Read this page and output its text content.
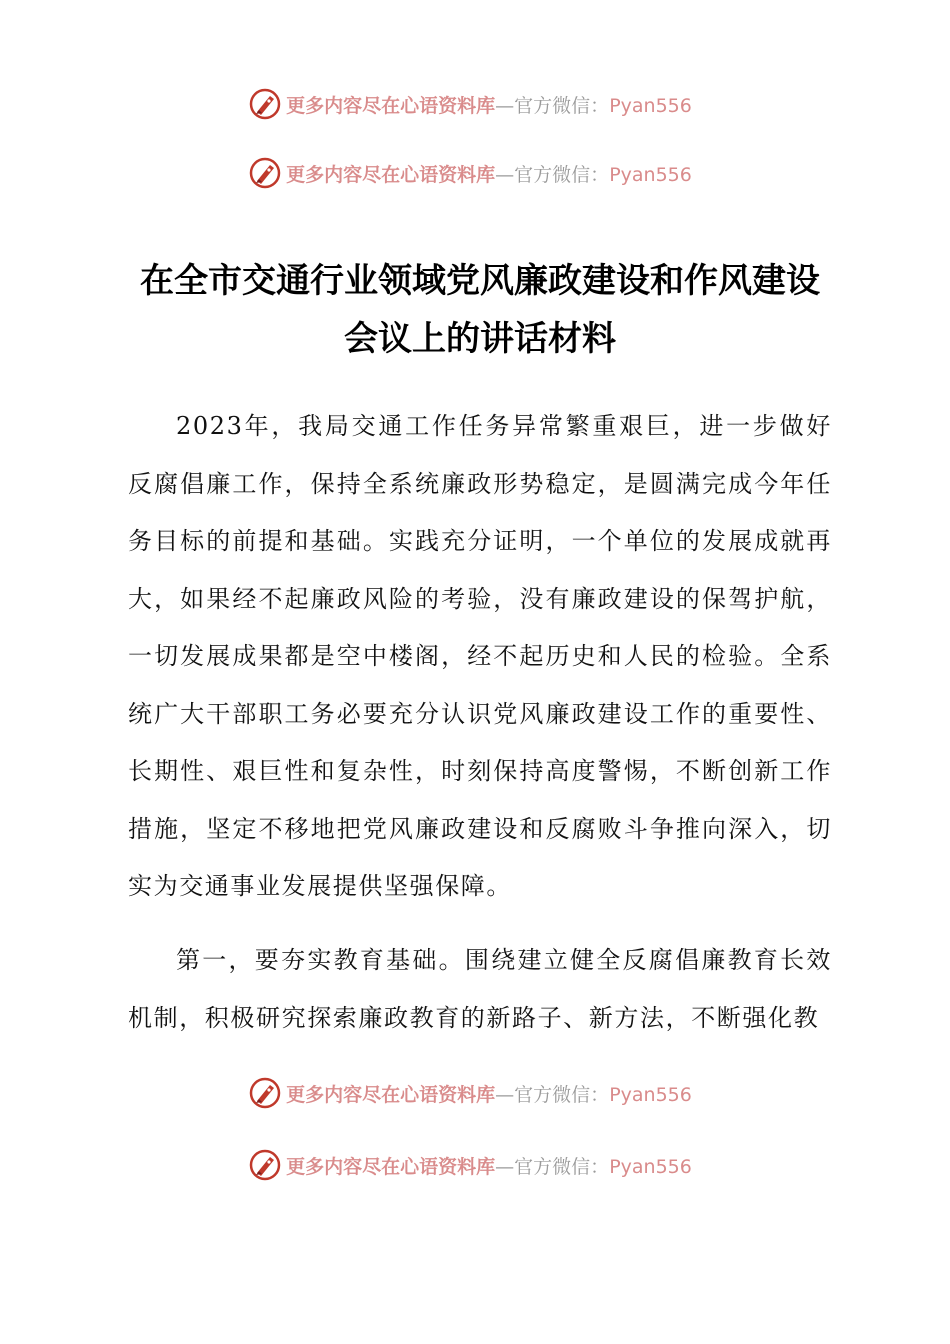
更多内容尽在心语资料库—官方微信：Pyan556
更多内容尽在心语资料库—官方微信：Pyan556
在全市交通行业领域党风廉政建设和作风建设
会议上的讲话材料

2023年，我局交通工作任务异常繁重艰巨，进一步做好反腐倡廉工作，保持全系统廉政形势稳定，是圆满完成今年任务目标的前提和基础。实践充分证明，一个单位的发展成就再大，如果经不起廉政风险的考验，没有廉政建设的保驾护航，一切发展成果都是空中楼阁，经不起历史和人民的检验。全系统广大干部职工务必要充分认识党风廉政建设工作的重要性、长期性、艰巨性和复杂性，时刻保持高度警惕，不断创新工作措施，坚定不移地把党风廉政建设和反腐败斗争推向深入，切实为交通事业发展提供坚强保障。

第一，要夯实教育基础。围绕建立健全反腐倡廉教育长效机制，积极研究探索廉政教育的新路子、新方法，不断强化教

更多内容尽在心语资料库—官方微信：Pyan556
更多内容尽在心语资料库—官方微信：Pyan556
